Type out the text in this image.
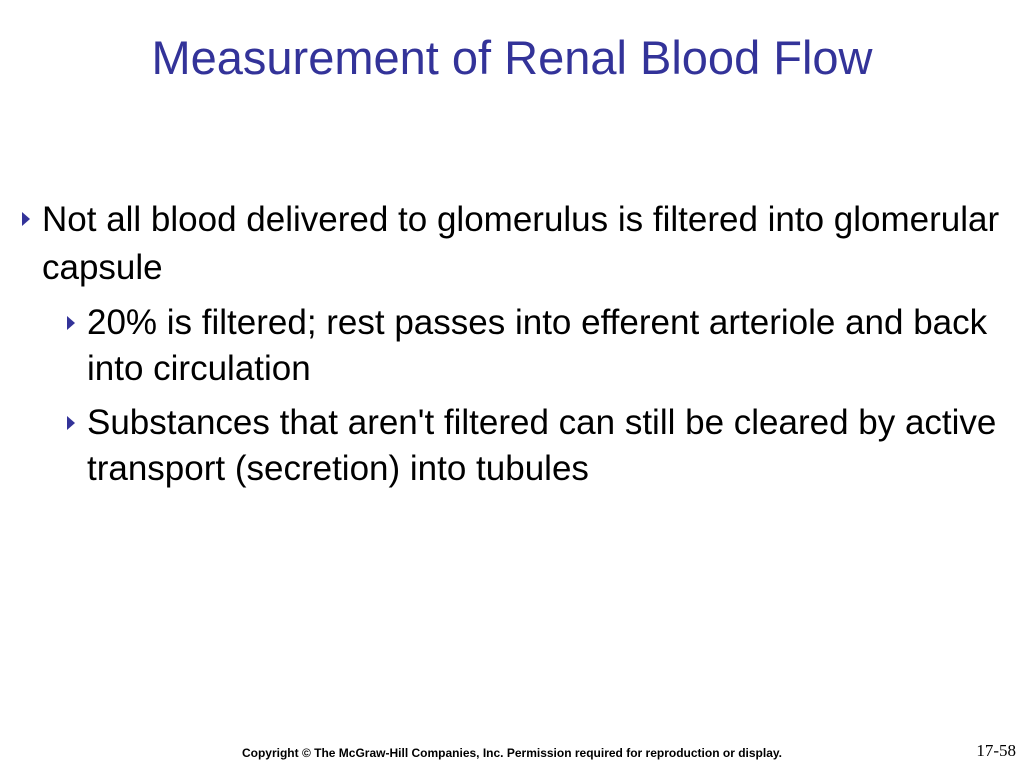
Measurement of Renal Blood Flow
Not all blood delivered to glomerulus is filtered into glomerular capsule
20% is filtered; rest passes into efferent arteriole and back into circulation
Substances that aren't filtered can still be cleared by active transport (secretion) into tubules
Copyright © The McGraw-Hill Companies, Inc. Permission required for reproduction or display.	17-58
